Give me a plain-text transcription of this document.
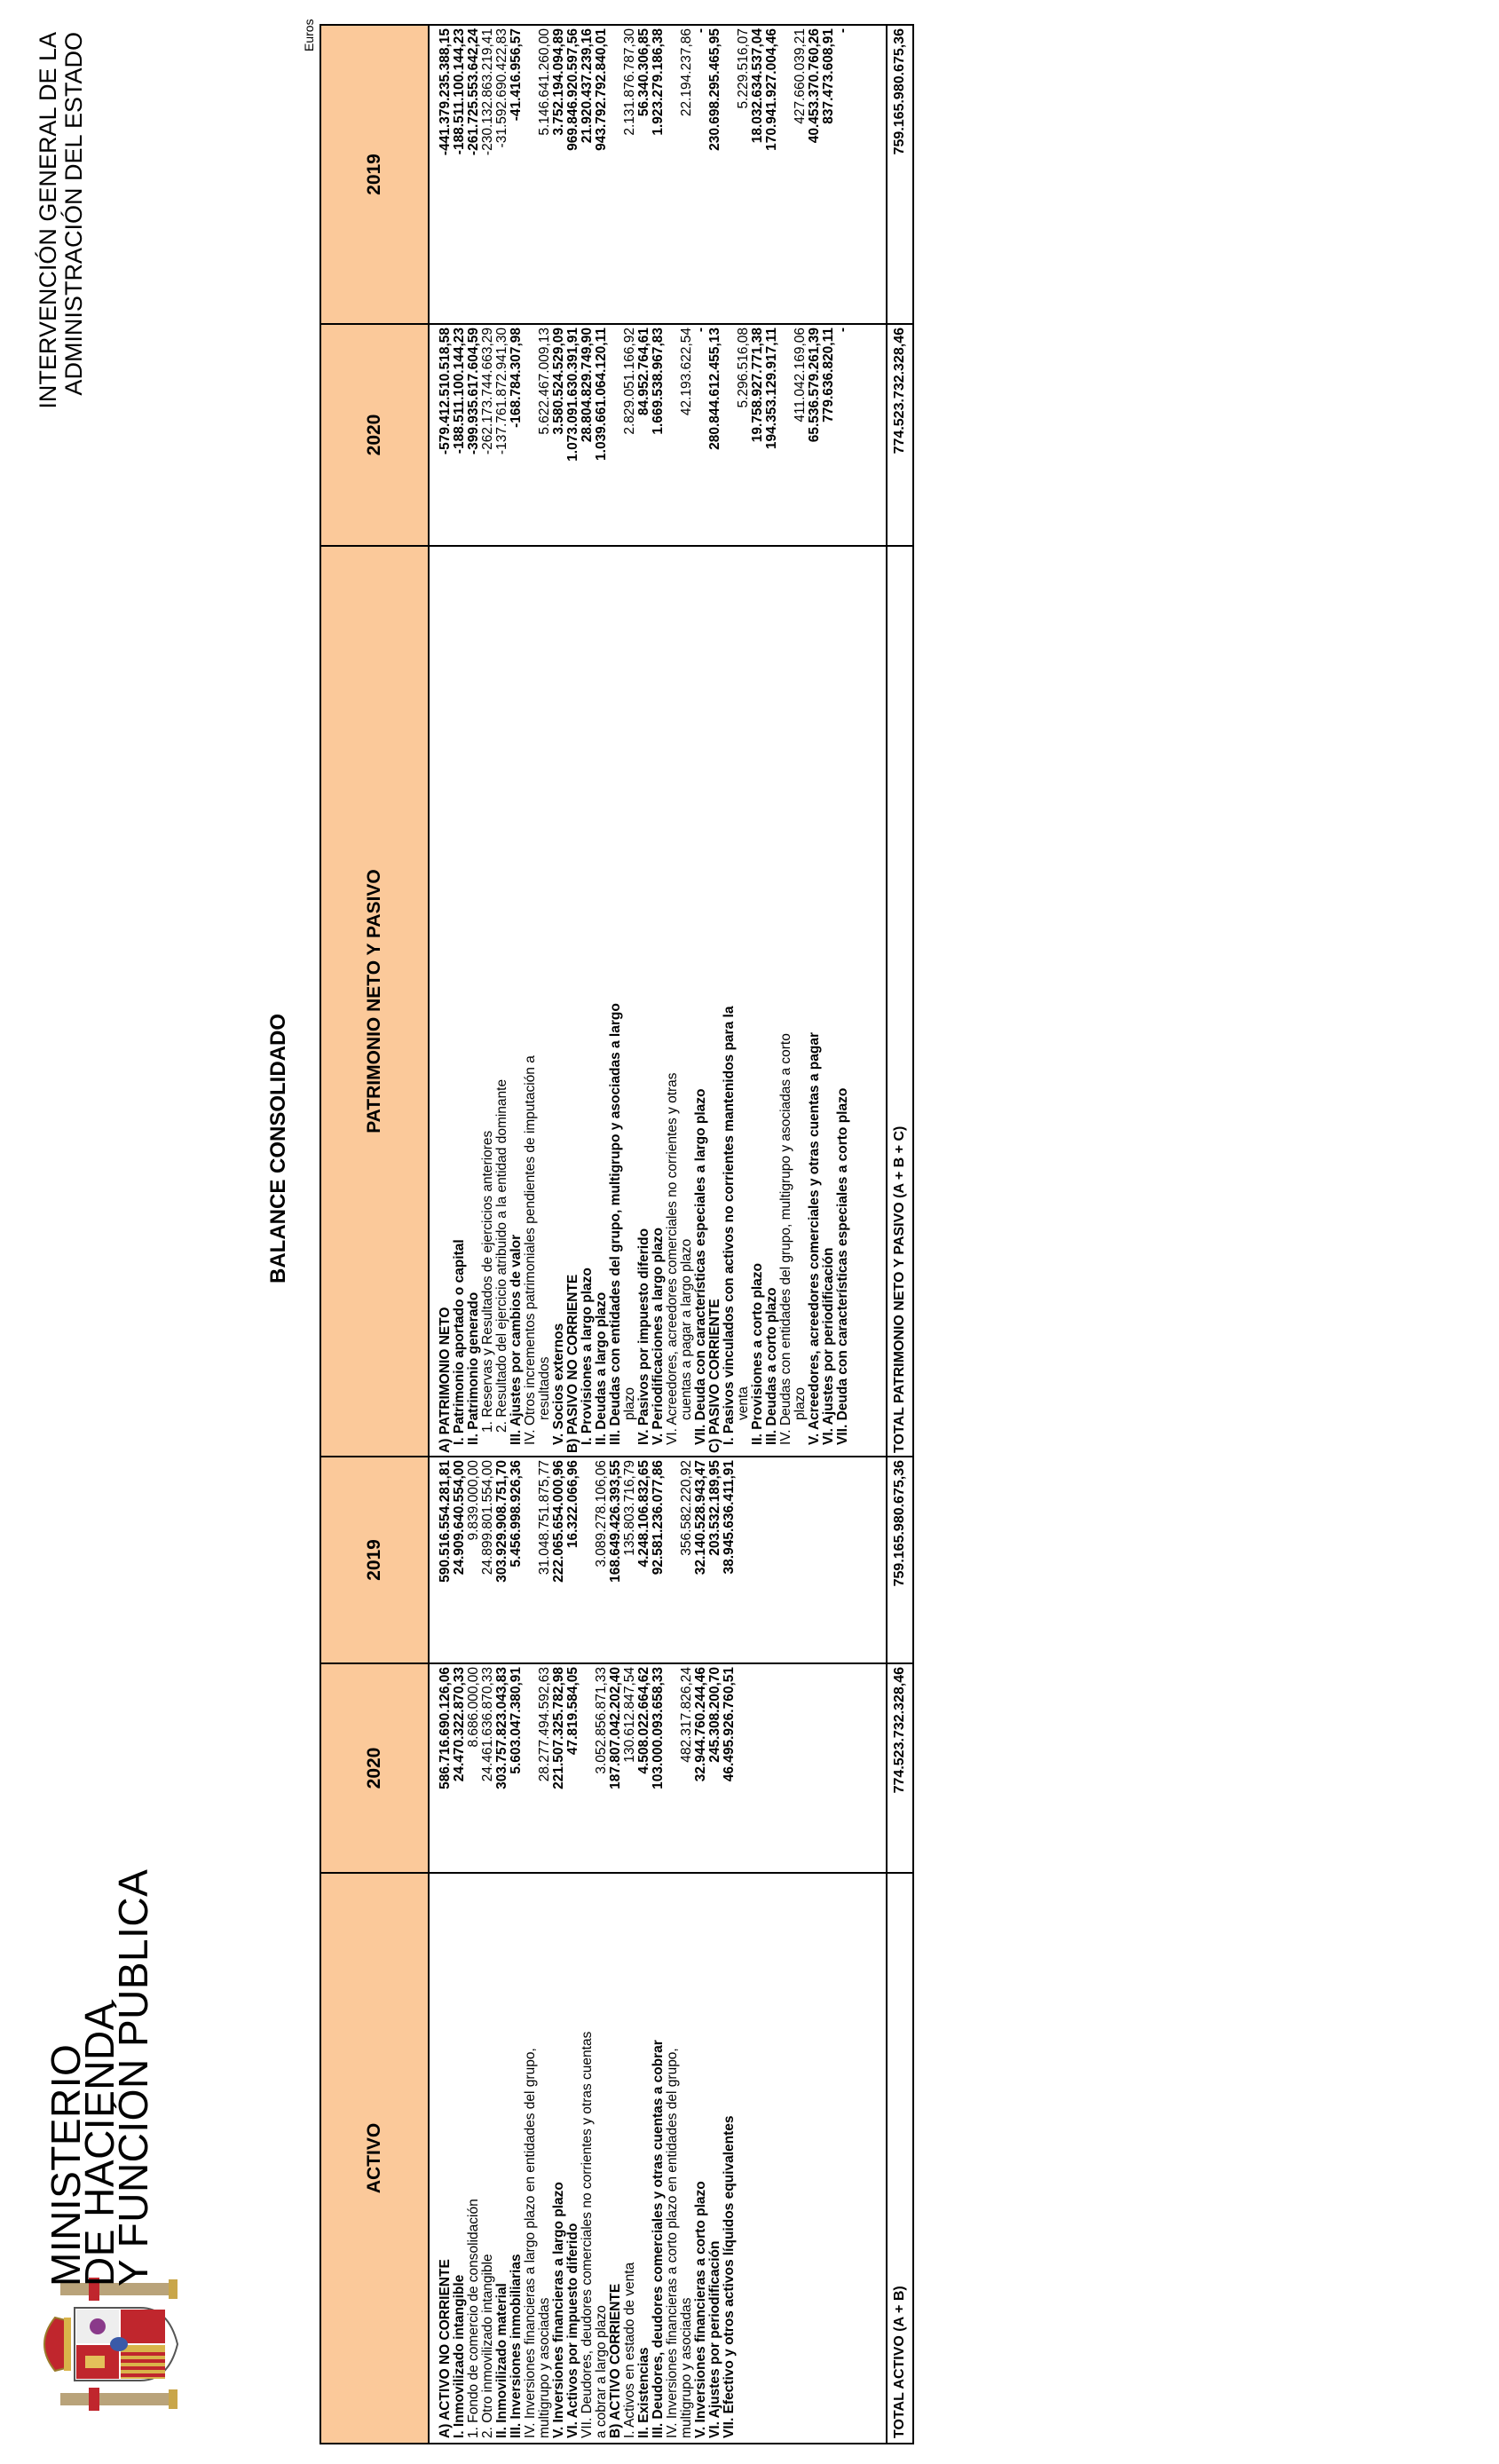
MINISTERIO
DE HACIENDA
Y FUNCIÓN PÚBLICA
INTERVENCIÓN GENERAL DE LA ADMINISTRACIÓN DEL ESTADO
BALANCE CONSOLIDADO
Euros
ACTIVO	2020	2019	PATRIMONIO NETO Y PASIVO	2020	2019
A) ACTIVO NO CORRIENTE	586.716.690.126,06	590.516.554.281,81	A) PATRIMONIO NETO	-579.412.510.518,58	-441.379.235.388,15
I. Inmovilizado intangible	24.470.322.870,33	24.909.640.554,00	I. Patrimonio aportado o capital	-188.511.100.144,23	-188.511.100.144,23
1. Fondo de comercio de consolidación	8.686.000,00	9.839.000,00	II. Patrimonio generado	-399.935.617.604,59	-261.725.553.642,24
2. Otro inmovilizado intangible	24.461.636.870,33	24.899.801.554,00	1. Reservas y Resultados de ejercicios anteriores	-262.173.744.663,29	-230.132.863.219,41
II. Inmovilizado material	303.757.823.043,83	303.929.908.751,70	2. Resultado del ejercicio atribuido a la entidad dominante	-137.761.872.941,30	-31.592.690.422,83
III. Inversiones inmobiliarias	5.603.047.380,91	5.456.998.926,36	III. Ajustes por cambios de valor	-168.784.307,98	-41.416.956,57
IV. Inversiones financieras a largo plazo en entidades del grupo,			IV. Otros incrementos patrimoniales pendientes de imputación a		
multigrupo y asociadas	28.277.494.592,63	31.048.751.875,77	resultados	5.622.467.009,13	5.146.641.260,00
V. Inversiones financieras a largo plazo	221.507.325.782,98	222.065.654.000,96	V. Socios externos	3.580.524.529,09	3.752.194.094,89
VI. Activos por impuesto diferido	47.819.584,05	16.322.066,96	B) PASIVO NO CORRIENTE	1.073.091.630.391,91	969.846.920.597,56
VII. Deudores, deudores comerciales no corrientes y otras cuentas			I. Provisiones a largo plazo	28.804.829.749,90	21.920.437.239,16
a cobrar a largo plazo	3.052.856.871,33	3.089.278.106,06	II. Deudas a largo plazo	1.039.661.064.120,11	943.792.792.840,01
B) ACTIVO CORRIENTE	187.807.042.202,40	168.649.426.393,55	III. Deudas con entidades del grupo, multigrupo y asociadas a largo		
I. Activos en estado de venta	130.612.847,54	135.803.716,79	plazo	2.829.051.166,92	2.131.876.787,30
II. Existencias	4.508.022.664,62	4.248.106.832,65	IV. Pasivos por impuesto diferido	84.952.764,61	56.340.306,85
III. Deudores, deudores comerciales y otras cuentas a cobrar	103.000.093.658,33	92.581.236.077,86	V. Periodificaciones a largo plazo	1.669.538.967,83	1.923.279.186,38
IV. Inversiones financieras a corto plazo en entidades del grupo,			VI. Acreedores, acreedores comerciales no corrientes y otras		
multigrupo y asociadas	482.317.826,24	356.582.220,92	cuentas a pagar a largo plazo	42.193.622,54	22.194.237,86
V. Inversiones financieras a corto plazo	32.944.760.244,46	32.140.528.943,47	VII. Deuda con características especiales a largo plazo	-	-
VI. Ajustes por periodificación	245.308.200,70	203.532.189,95	C) PASIVO CORRIENTE	280.844.612.455,13	230.698.295.465,95
VII. Efectivo y otros activos líquidos equivalentes	46.495.926.760,51	38.945.636.411,91	I. Pasivos vinculados con activos no corrientes mantenidos para la		
			venta	5.296.516,08	5.229.516,07
			II. Provisiones a corto plazo	19.758.927.771,38	18.032.634.537,04
			III. Deudas a corto plazo	194.353.129.917,11	170.941.927.004,46
			IV. Deudas con entidades del grupo, multigrupo y asociadas a corto		
			plazo	411.042.169,06	427.660.039,21
			V. Acreedores, acreedores comerciales y otras cuentas a pagar	65.536.579.261,39	40.453.370.760,26
			VI. Ajustes por periodificación	779.636.820,11	837.473.608,91
			VII. Deuda con características especiales a corto plazo	-	-
TOTAL ACTIVO (A + B)	774.523.732.328,46	759.165.980.675,36	TOTAL PATRIMONIO NETO Y PASIVO (A + B + C)	774.523.732.328,46	759.165.980.675,36
